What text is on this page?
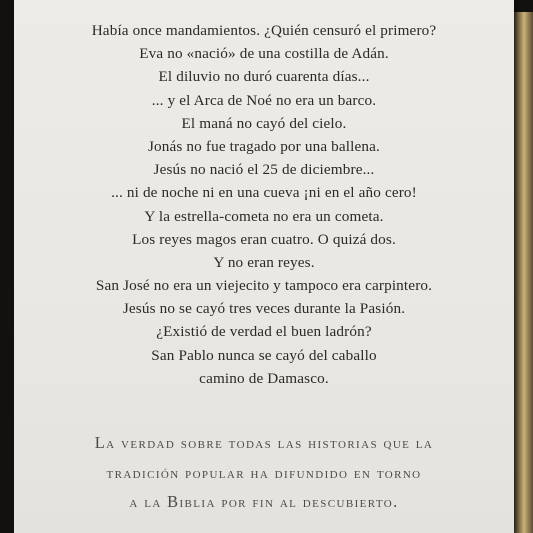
Había once mandamientos. ¿Quién censuró el primero?
Eva no «nació» de una costilla de Adán.
El diluvio no duró cuarenta días...
... y el Arca de Noé no era un barco.
El maná no cayó del cielo.
Jonás no fue tragado por una ballena.
Jesús no nació el 25 de diciembre...
... ni de noche ni en una cueva ¡ni en el año cero!
Y la estrella-cometa no era un cometa.
Los reyes magos eran cuatro. O quizá dos.
Y no eran reyes.
San José no era un viejecito y tampoco era carpintero.
Jesús no se cayó tres veces durante la Pasión.
¿Existió de verdad el buen ladrón?
San Pablo nunca se cayó del caballo
camino de Damasco.
La verdad sobre todas las historias que la
tradición popular ha difundido en torno
a la Biblia por fin al descubierto.
